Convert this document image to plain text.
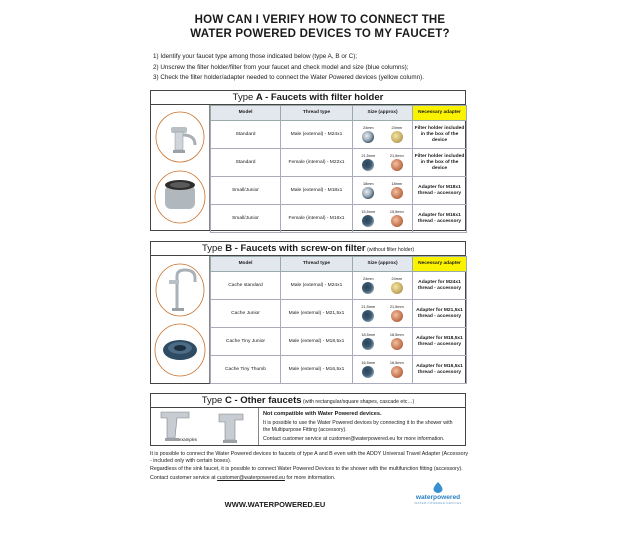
HOW CAN I VERIFY HOW TO CONNECT THE
WATER POWERED DEVICES TO MY FAUCET?
1) Identify your faucet type among those indicated below (type A, B or C);
2) Unscrew the filter holder/filter from your faucet and check model and size (blue columns);
3) Check the filter holder/adapter needed to connect the Water Powered devices (yellow column).
Type A - Faucets with filter holder
Model	Thread type	Size (approx)	Necessary adapter
Standard	Male (external) - M24x1	24mm 24mm	Filter holder included in the box of the device
Standard	Female (internal) - M22x1	21,5mm 21,5mm	Filter holder included in the box of the device
Small/Junior	Male (external) - M18x1	18mm 18mm	Adapter for M18x1 thread - accessory
Small/Junior	Female (internal) - M16x1	15,5mm 15,5mm	Adapter for M16x1 thread - accessory
Type B - Faucets with screw-on filter (without filter holder)
Model	Thread type	Size (approx)	Necessary adapter
Cache standard	Male (external) - M24x1	24mm 24mm	Adapter for M24x1 thread - accessory
Cache Junior	Male (external) - M21,5x1	21,5mm 21,5mm	Adapter for M21,5x1 thread - accessory
Cache Tiny Junior	Male (external) - M18,5x1	18,5mm 18,5mm	Adapter for M18,5x1 thread - accessory
Cache Tiny Thumb	Male (external) - M16,5x1	16,5mm 16,5mm	Adapter for M16,5x1 thread - accessory
Type C - Other faucets (with rectangular/square shapes, cascade etc…)
examples

Not compatible with Water Powered devices.

It is possible to use the Water Powered devices by connecting it to the shower with the Multipurpose Fitting (accessory).

Contact customer service at customer@waterpowered.eu for more information.

It is possible to connect the Water Powered devices to faucets of type A and B even with the ADDY Universal Travel Adapter (Accessory - included only with certain boxes).

Regardless of the sink faucet, it is possible to connect Water Powered Devices to the shower with the multifunction fitting (accessory).

Contact customer service at customer@waterpowered.eu for more information.

WWW.WATERPOWERED.EU
waterpowered
WATER POWERED DEVICES
